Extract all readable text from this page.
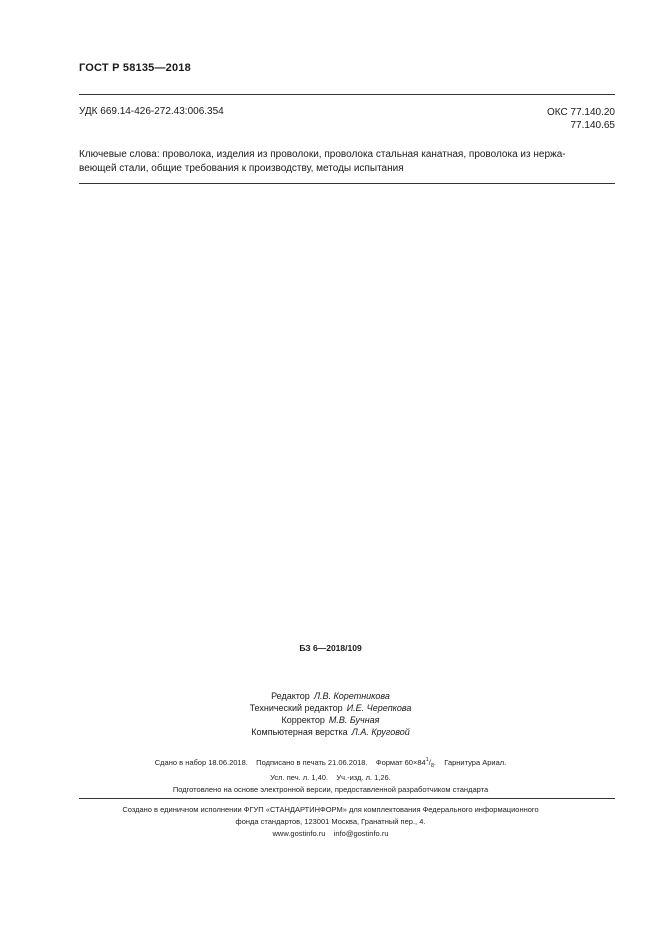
ГОСТ Р 58135—2018
УДК 669.14-426-272.43:006.354	ОКС 77.140.20
77.140.65
Ключевые слова: проволока, изделия из проволоки, проволока стальная канатная, проволока из нержа-
веющей стали, общие требования к производству, методы испытания
БЗ 6—2018/109
Редактор Л.В. Коретникова
Технический редактор И.Е. Черепкова
Корректор М.В. Бучная
Компьютерная верстка Л.А. Круговой
Сдано в набор 18.06.2018.    Подписано в печать 21.06.2018.    Формат $60\times 84^1/_8$.    Гарнитура Ариал.
Усл. печ. л. 1,40.    Уч.-изд. л. 1,26.
Подготовлено на основе электронной версии, предоставленной разработчиком стандарта
Создано в единичном исполнении ФГУП «СТАНДАРТИНФОРМ» для комплектования Федерального информационного
фонда стандартов, 123001 Москва, Гранатный пер., 4.
www.gostinfo.ru    info@gostinfo.ru
